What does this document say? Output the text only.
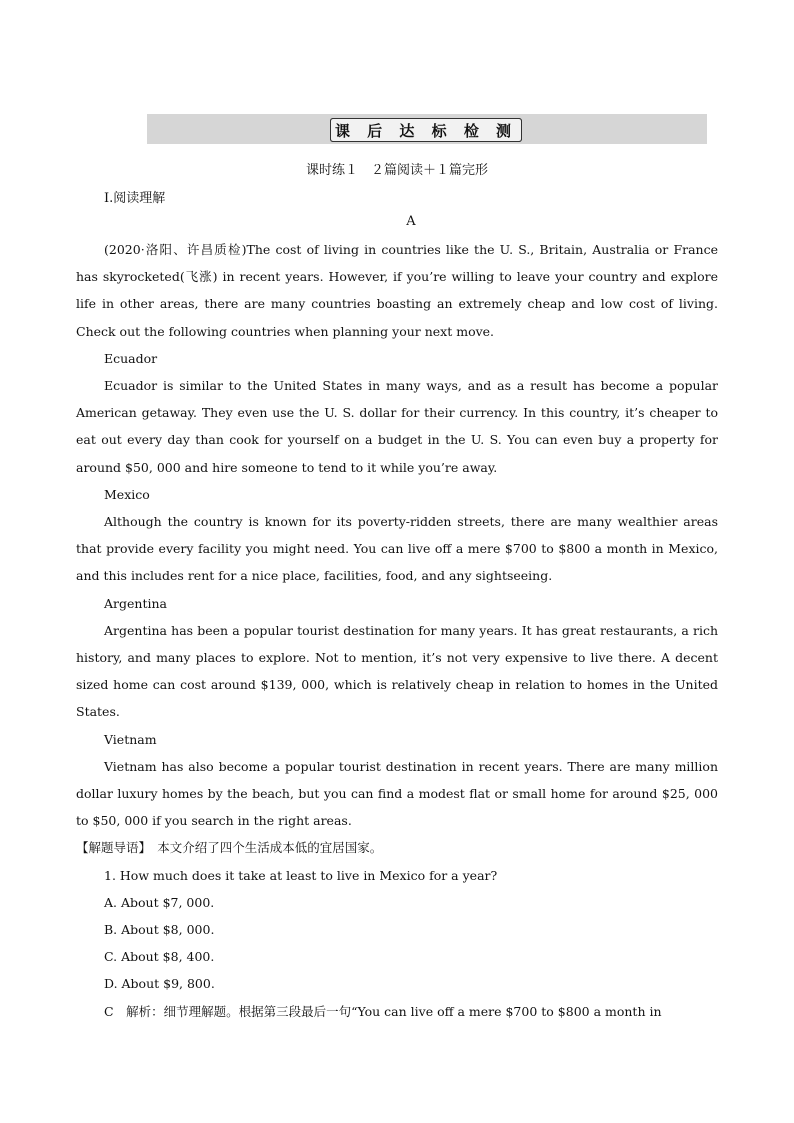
课 后 达 标 检 测
课时练１　２篇阅读＋１篇完形
Ⅰ.阅读理解
A

(2020·洛阳、许昌质检)The cost of living in countries like the U. S., Britain, Australia or France has skyrocketed(飞涨) in recent years. However, if you’re willing to leave your country and explore life in other areas, there are many countries boasting an extremely cheap and low cost of living. Check out the following countries when planning your next move.

Ecuador

Ecuador is similar to the United States in many ways, and as a result has become a popular American getaway. They even use the U. S. dollar for their currency. In this country, it’s cheaper to eat out every day than cook for yourself on a budget in the U. S. You can even buy a property for around $50, 000 and hire someone to tend to it while you’re away.

Mexico

Although the country is known for its poverty-ridden streets, there are many wealthier areas that provide every facility you might need. You can live off a mere $700 to $800 a month in Mexico, and this includes rent for a nice place, facilities, food, and any sightseeing.

Argentina

Argentina has been a popular tourist destination for many years. It has great restaurants, a rich history, and many places to explore. Not to mention, it’s not very expensive to live there. A decent sized home can cost around $139, 000, which is relatively cheap in relation to homes in the United States.

Vietnam

Vietnam has also become a popular tourist destination in recent years. There are many million dollar luxury homes by the beach, but you can find a modest flat or small home for around $25, 000 to $50, 000 if you search in the right areas.

【解题导语】　本文介绍了四个生活成本低的宜居国家。

1. How much does it take at least to live in Mexico for a year?

A. About $7, 000.

B. About $8, 000.

C. About $8, 400.

D. About $9, 800.

C　解析：细节理解题。根据第三段最后一句“You can live off a mere $700 to $800 a month in
